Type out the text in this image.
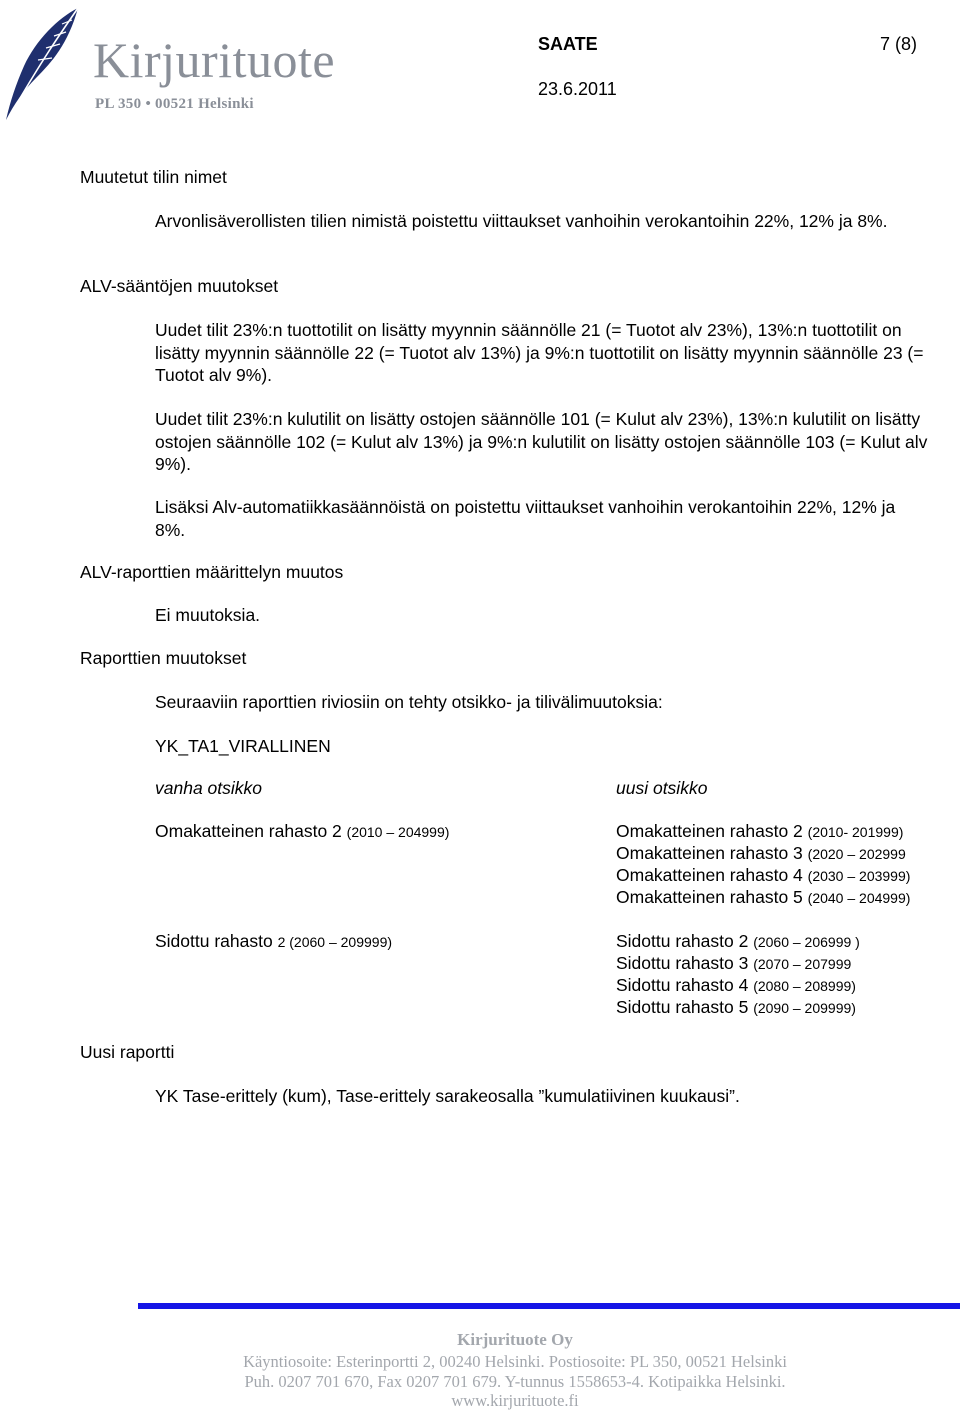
Kirjurituote
PL 350 • 00521 Helsinki
SAATE	7 (8)
23.6.2011
Muutetut tilin nimet
Arvonlisäverollisten tilien nimistä poistettu viittaukset vanhoihin verokantoihin 22%, 12% ja 8%.
ALV-sääntöjen muutokset
Uudet tilit 23%:n tuottotilit on lisätty myynnin säännölle 21 (= Tuotot alv 23%), 13%:n tuottotilit on lisätty myynnin säännölle 22 (= Tuotot alv 13%) ja 9%:n tuottotilit on lisätty myynnin säännölle 23 (= Tuotot alv 9%).
Uudet tilit 23%:n kulutilit on lisätty ostojen säännölle 101 (= Kulut alv 23%), 13%:n kulutilit on lisätty ostojen säännölle 102 (= Kulut alv 13%) ja 9%:n kulutilit on lisätty ostojen säännölle 103 (= Kulut alv 9%).
Lisäksi Alv-automatiikkasäännöistä on poistettu viittaukset vanhoihin verokantoihin 22%, 12% ja 8%.
ALV-raporttien määrittelyn muutos
Ei muutoksia.
Raporttien muutokset
Seuraaviin raporttien riviosiin on tehty otsikko- ja tilivälimuutoksia:
YK_TA1_VIRALLINEN
vanha otsikko	uusi otsikko
Omakatteinen rahasto 2 (2010 – 204999)	Omakatteinen rahasto 2 (2010- 201999)
Omakatteinen rahasto 3 (2020 – 202999
Omakatteinen rahasto 4 (2030 – 203999)
Omakatteinen rahasto 5 (2040 – 204999)
Sidottu rahasto 2 (2060 – 209999)	Sidottu rahasto 2 (2060 – 206999 )
Sidottu rahasto 3 (2070 – 207999
Sidottu rahasto 4 (2080 – 208999)
Sidottu rahasto 5 (2090 – 209999)
Uusi raportti
YK Tase-erittely (kum), Tase-erittely sarakeosalla ”kumulatiivinen kuukausi”.
Kirjurituote Oy
Käyntiosoite: Esterinportti 2, 00240 Helsinki. Postiosoite: PL 350, 00521 Helsinki
Puh. 0207 701 670, Fax 0207 701 679. Y-tunnus 1558653-4. Kotipaikka Helsinki.
www.kirjurituote.fi
